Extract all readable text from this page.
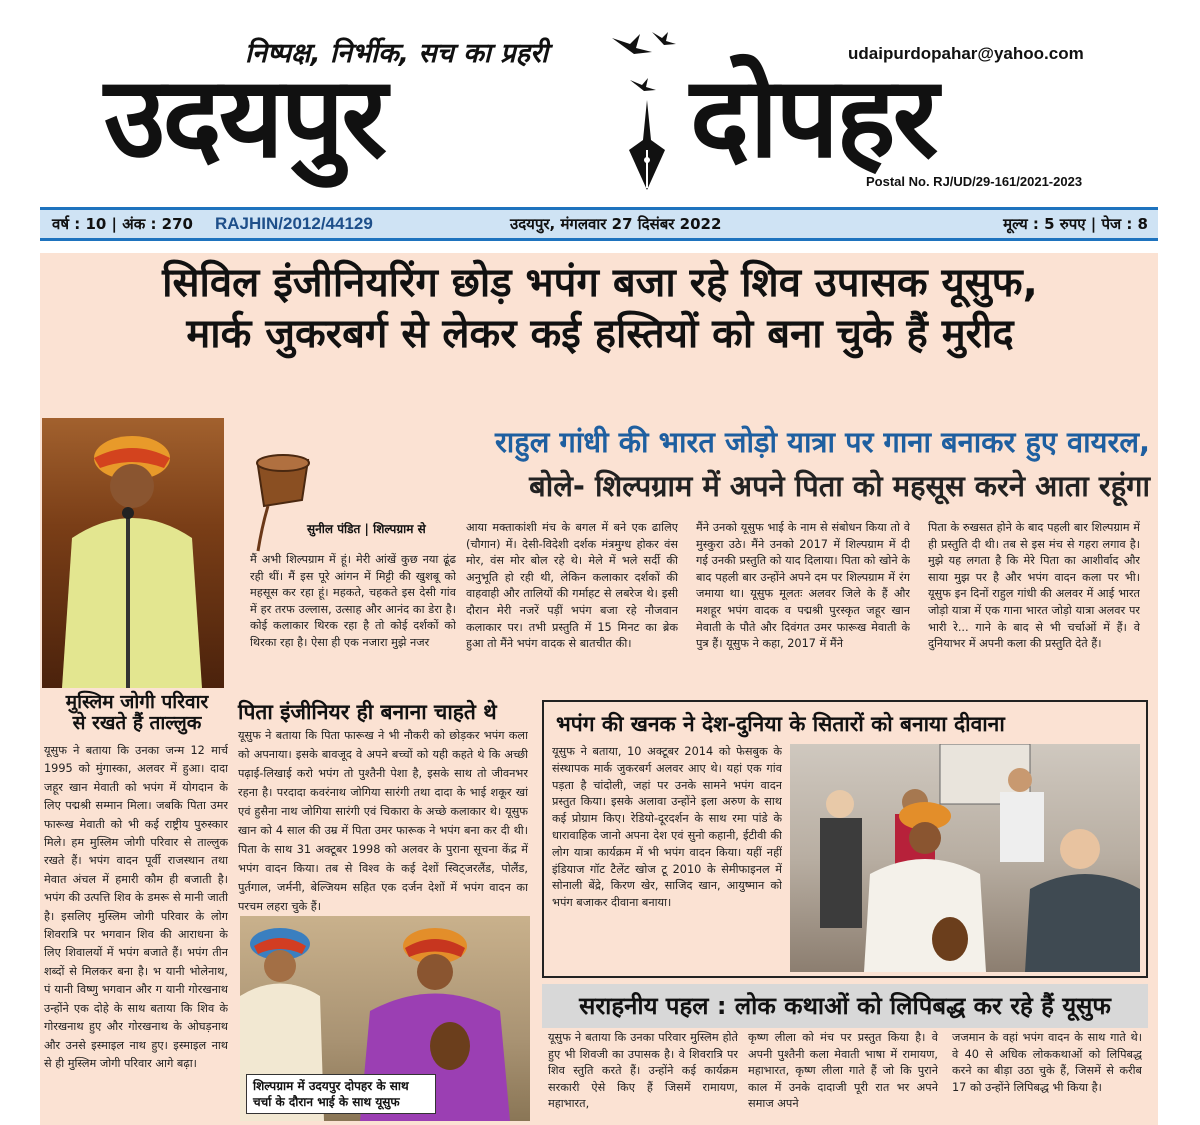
निष्पक्ष, निर्भीक, सच का प्रहरी	udaipurdopahar@yahoo.com
उदयपुर	दोपहर
Postal No. RJ/UD/29-161/2021-2023
वर्ष : 10 | अंक : 270 RAJHIN/2012/44129	उदयपुर, मंगलवार 27 दिसंबर 2022	मूल्य : 5 रुपए | पेज : 8
सिविल इंजीनियरिंग छोड़ भपंग बजा रहे शिव उपासक यूसुफ,
मार्क जुकरबर्ग से लेकर कई हस्तियों को बना चुके हैं मुरीद
राहुल गांधी की भारत जोड़ो यात्रा पर गाना बनाकर हुए वायरल,
बोले- शिल्पग्राम में अपने पिता को महसूस करने आता रहूंगा
सुनील पंडित | शिल्पग्राम से
मैं अभी शिल्पग्राम में हूं। मेरी आंखें कुछ नया ढूंढ रही थीं। मैं इस पूरे आंगन में मिट्टी की खुशबू को महसूस कर रहा हूं। महकते, चहकते इस देसी गांव में हर तरफ उल्लास, उत्साह और आनंद का डेरा है। कोई कलाकार थिरक रहा है तो कोई दर्शकों को थिरका रहा है। ऐसा ही एक नजारा मुझे नजर
आया मक्ताकांशी मंच के बगल में बने एक ढालिए (चौगान) में। देसी-विदेशी दर्शक मंत्रमुग्ध होकर वंस मोर, वंस मोर बोल रहे थे। मेले में भले सर्दी की अनुभूति हो रही थी, लेकिन कलाकार दर्शकों की वाहवाही और तालियों की गर्माहट से लबरेज थे। इसी दौरान मेरी नजरें पड़ीं भपंग बजा रहे नौजवान कलाकार पर। तभी प्रस्तुति में 15 मिनट का ब्रेक हुआ तो मैंने भपंग वादक से बातचीत की।
मैंने उनको यूसुफ भाई के नाम से संबोधन किया तो वे मुस्कुरा उठे। मैंने उनको 2017 में शिल्पग्राम में दी गई उनकी प्रस्तुति को याद दिलाया। पिता को खोने के बाद पहली बार उन्होंने अपने दम पर शिल्पग्राम में रंग जमाया था। यूसुफ मूलतः अलवर जिले के हैं और मशहूर भपंग वादक व पद्मश्री पुरस्कृत जहूर खान मेवाती के पौते और दिवंगत उमर फारूख मेवाती के पुत्र हैं। यूसुफ ने कहा, 2017 में मैंने
पिता के रुखसत होने के बाद पहली बार शिल्पग्राम में ही प्रस्तुति दी थी। तब से इस मंच से गहरा लगाव है। मुझे यह लगता है कि मेरे पिता का आशीर्वाद और साया मुझ पर है और भपंग वादन कला पर भी। यूसुफ इन दिनों राहुल गांधी की अलवर में आई भारत जोड़ो यात्रा में एक गाना भारत जोड़ो यात्रा अलवर पर भारी रे... गाने के बाद से भी चर्चाओं में हैं। वे दुनियाभर में अपनी कला की प्रस्तुति देते हैं।
मुस्लिम जोगी परिवार
से रखते हैं ताल्लुक
यूसुफ ने बताया कि उनका जन्म 12 मार्च 1995 को मुंगास्का, अलवर में हुआ। दादा जहूर खान मेवाती को भपंग में योगदान के लिए पद्मश्री सम्मान मिला। जबकि पिता उमर फारूख मेवाती को भी कई राष्ट्रीय पुरुस्कार मिले। हम मुस्लिम जोगी परिवार से ताल्लुक रखते हैं। भपंग वादन पूर्वी राजस्थान तथा मेवात अंचल में हमारी कौम ही बजाती है। भपंग की उत्पत्ति शिव के डमरू से मानी जाती है। इसलिए मुस्लिम जोगी परिवार के लोग शिवरात्रि पर भगवान शिव की आराधना के लिए शिवालयों में भपंग बजाते हैं। भपंग तीन शब्दों से मिलकर बना है। भ यानी भोलेनाथ, पं यानी विष्णु भगवान और ग यानी गोरखनाथ उन्होंने एक दोहे के साथ बताया कि शिव के गोरखनाथ हुए और गोरखनाथ के ओघड़नाथ और उनसे इस्माइल नाथ हुए। इस्माइल नाथ से ही मुस्लिम जोगी परिवार आगे बढ़ा।
पिता इंजीनियर ही बनाना चाहते थे
यूसुफ ने बताया कि पिता फारूख ने भी नौकरी को छोड़कर भपंग कला को अपनाया। इसके बावजूद वे अपने बच्चों को यही कहते थे कि अच्छी पढ़ाई-लिखाई करो भपंग तो पुश्तैनी पेशा है, इसके साथ तो जीवनभर रहना है। परदादा कवरंनाथ जोगिया सारंगी तथा दादा के भाई शकूर खां एवं हुसैना नाथ जोगिया सारंगी एवं चिकारा के अच्छे कलाकार थे। यूसुफ खान को 4 साल की उम्र में पिता उमर फारूक ने भपंग बना कर दी थी। पिता के साथ 31 अक्टूबर 1998 को अलवर के पुराना सूचना केंद्र में भपंग वादन किया। तब से विश्व के कई देशों स्विट्जरलैंड, पोलैंड, पुर्तगाल, जर्मनी, बेल्जियम सहित एक दर्जन देशों में भपंग वादन का परचम लहरा चुके हैं।
शिल्पग्राम में उदयपुर दोपहर के साथ
चर्चा के दौरान भाई के साथ यूसुफ
भपंग की खनक ने देश-दुनिया के सितारों को बनाया दीवाना
यूसुफ ने बताया, 10 अक्टूबर 2014 को फेसबुक के संस्थापक मार्क जुकरबर्ग अलवर आए थे। यहां एक गांव पड़ता है चांदोली, जहां पर उनके सामने भपंग वादन प्रस्तुत किया। इसके अलावा उन्होंने इला अरुण के साथ कई प्रोग्राम किए। रेडियो-दूरदर्शन के साथ रमा पांडे के धारावाहिक जानो अपना देश एवं सुनो कहानी, ईटीवी की लोग यात्रा कार्यक्रम में भी भपंग वादन किया। यहीं नहीं इंडियाज गॉट टैलेंट खोज टू 2010 के सेमीफाइनल में सोनाली बेंद्रे, किरण खेर, साजिद खान, आयुष्मान को भपंग बजाकर दीवाना बनाया।
सराहनीय पहल : लोक कथाओं को लिपिबद्ध कर रहे हैं यूसुफ
यूसुफ ने बताया कि उनका परिवार मुस्लिम होते हुए भी शिवजी का उपासक है। वे शिवरात्रि पर शिव स्तुति करते हैं। उन्होंने कई कार्यक्रम सरकारी ऐसे किए हैं जिसमें रामायण, महाभारत,
कृष्ण लीला को मंच पर प्रस्तुत किया है। वे अपनी पुश्तैनी कला मेवाती भाषा में रामायण, महाभारत, कृष्ण लीला गाते हैं जो कि पुराने काल में उनके दादाजी पूरी रात भर अपने समाज अपने
जजमान के वहां भपंग वादन के साथ गाते थे। वे 40 से अधिक लोककथाओं को लिपिबद्ध करने का बीड़ा उठा चुके हैं, जिसमें से करीब 17 को उन्होंने लिपिबद्ध भी किया है।
